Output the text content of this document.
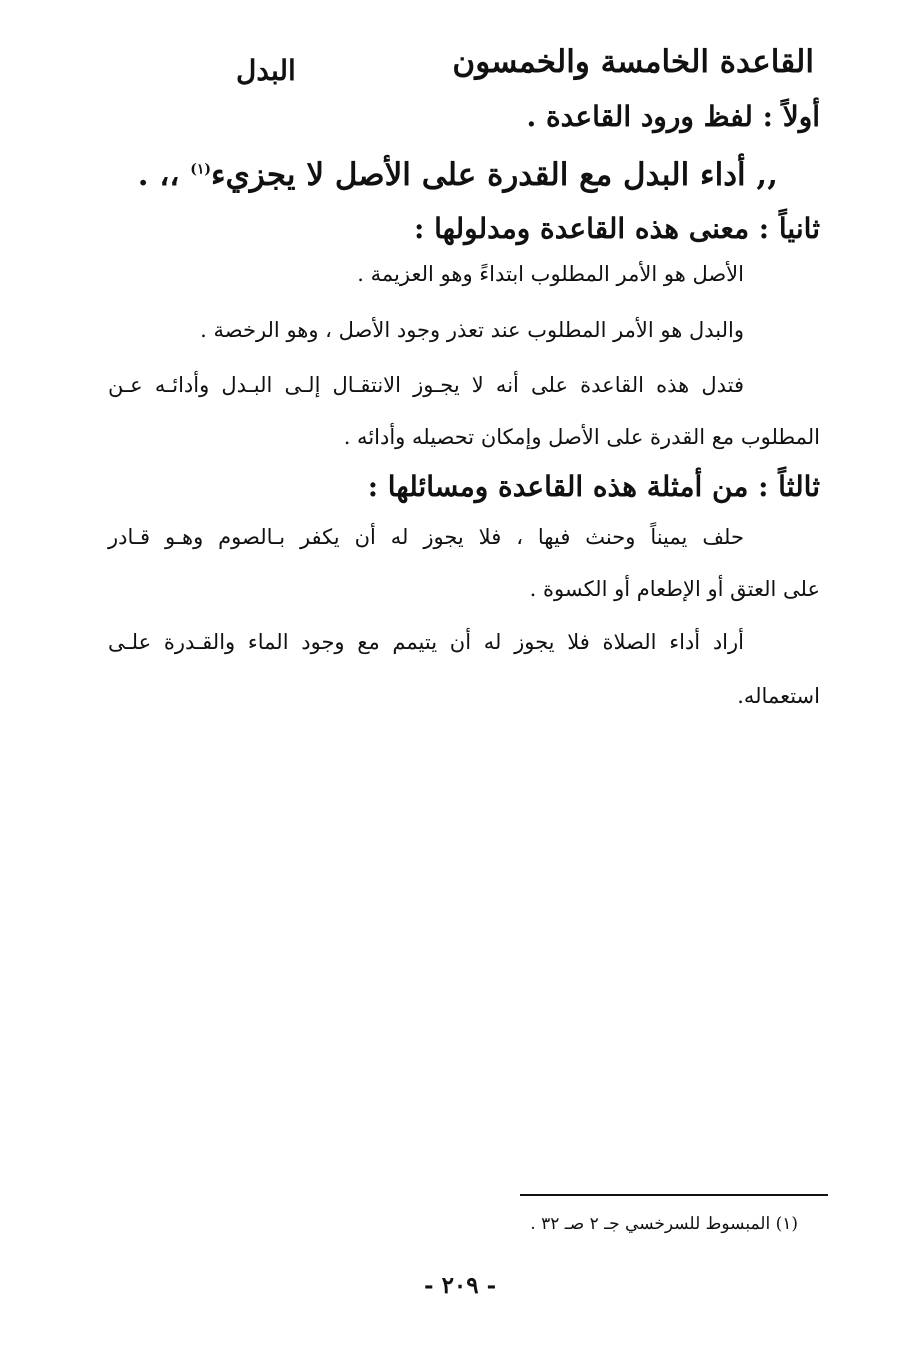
القاعدة الخامسة والخمسون
البدل
أولاً : لفظ ورود القاعدة .
,, أداء البدل مع القدرة على الأصل لا يجزيء$^{(١)}$ ،، .
ثانياً : معنى هذه القاعدة ومدلولها :
الأصل هو الأمر المطلوب ابتداءً وهو العزيمة .
والبدل هو الأمر المطلوب عند تعذر وجود الأصل ، وهو الرخصة .
فتدل هذه القاعدة على أنه لا يجـوز الانتقـال إلـى البـدل وأدائـه عـن
المطلوب مع القدرة على الأصل وإمكان تحصيله وأدائه .
ثالثاً : من أمثلة هذه القاعدة ومسائلها :
حلف يميناً وحنث فيها ، فلا يجوز له أن يكفر بـالصوم وهـو قـادر
على العتق أو الإطعام أو الكسوة .
أراد أداء الصلاة فلا يجوز له أن يتيمم مع وجود الماء والقـدرة علـى
استعماله.
(١) المبسوط للسرخسي جـ ٢ صـ ٣٢ .
- ٢٠٩ -
